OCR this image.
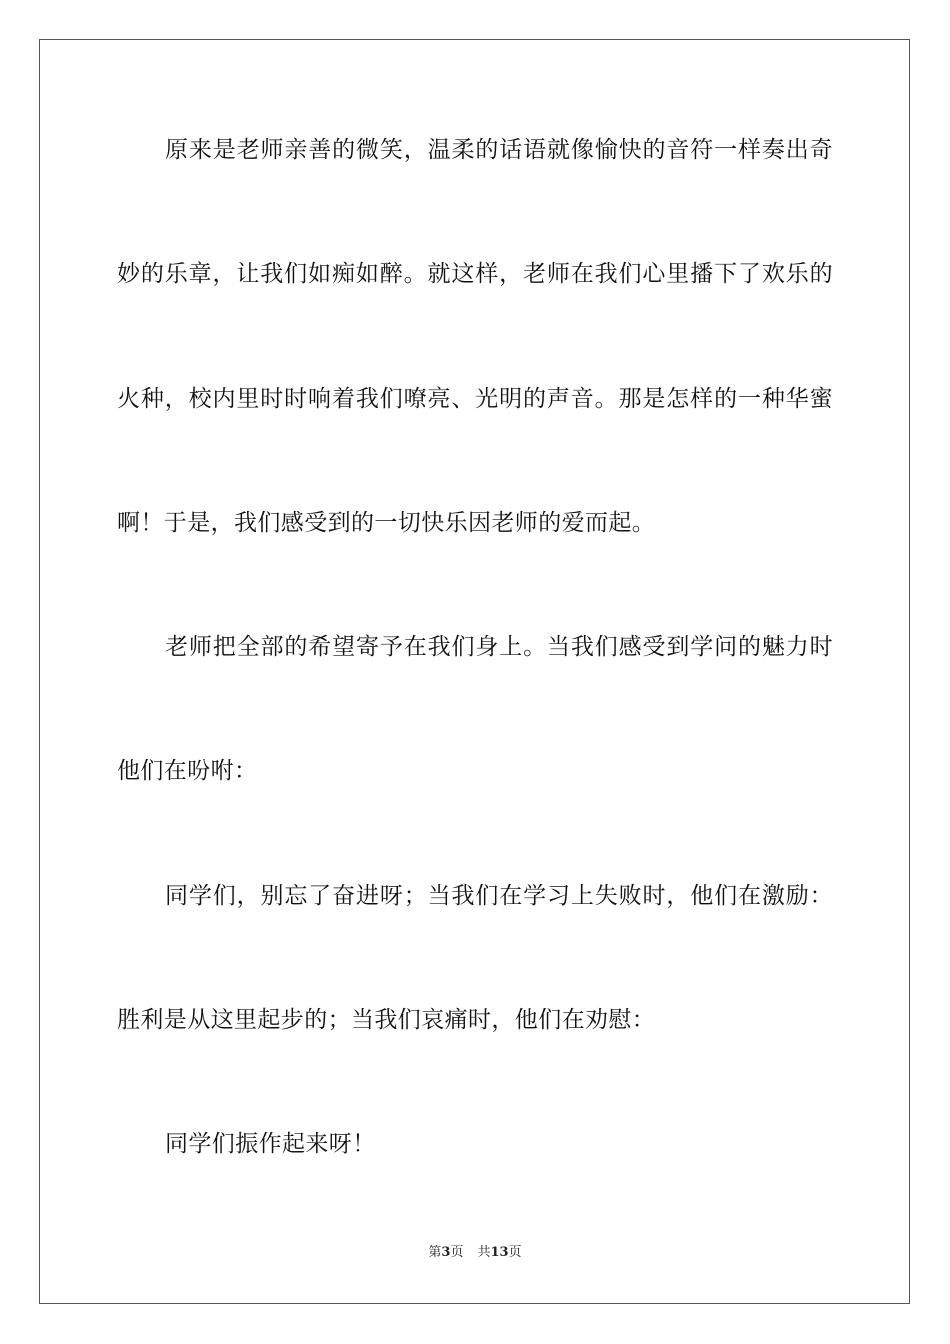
原来是老师亲善的微笑，温柔的话语就像愉快的音符一样奏出奇
妙的乐章，让我们如痴如醉。就这样，老师在我们心里播下了欢乐的
火种，校内里时时响着我们嘹亮、光明的声音。那是怎样的一种华蜜
啊！于是，我们感受到的一切快乐因老师的爱而起。
老师把全部的希望寄予在我们身上。当我们感受到学问的魅力时
他们在吩咐：
同学们，别忘了奋进呀；当我们在学习上失败时，他们在激励：
胜利是从这里起步的；当我们哀痛时，他们在劝慰：
同学们振作起来呀！
第3页 共13页
